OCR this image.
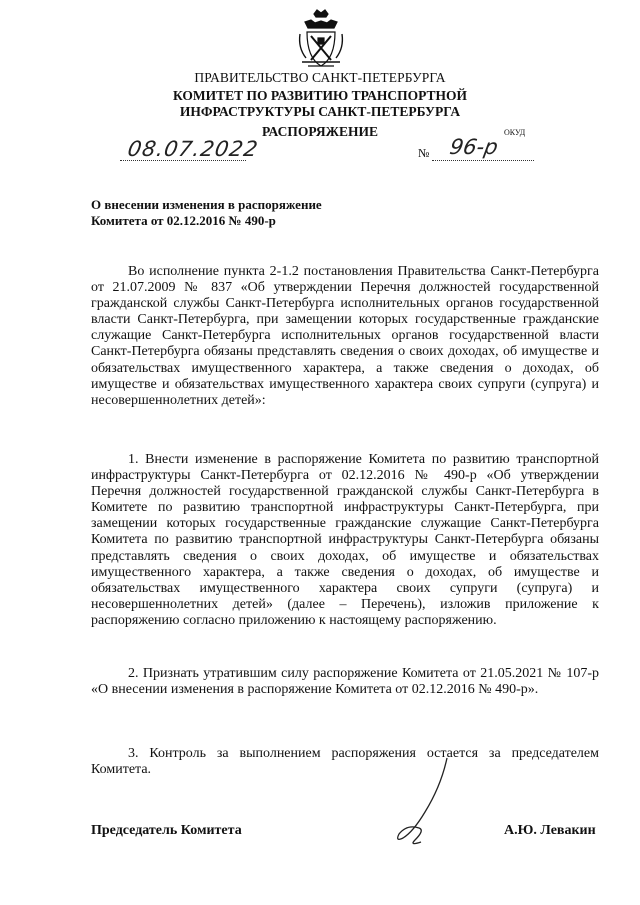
ПРАВИТЕЛЬСТВО САНКТ-ПЕТЕРБУРГА
КОМИТЕТ ПО РАЗВИТИЮ ТРАНСПОРТНОЙ
ИНФРАСТРУКТУРЫ САНКТ-ПЕТЕРБУРГА
РАСПОРЯЖЕНИЕ	ОКУД
08.07.2022	№ 96-р
О внесении изменения в распоряжение
Комитета от 02.12.2016 № 490-р
Во исполнение пункта 2-1.2 постановления Правительства Санкт-Петербурга от 21.07.2009 № 837 «Об утверждении Перечня должностей государственной гражданской службы Санкт-Петербурга исполнительных органов государственной власти Санкт-Петербурга, при замещении которых государственные гражданские служащие Санкт-Петербурга исполнительных органов государственной власти Санкт-Петербурга обязаны представлять сведения о своих доходах, об имуществе и обязательствах имущественного характера, а также сведения о доходах, об имуществе и обязательствах имущественного характера своих супруги (супруга) и несовершеннолетних детей»:
1. Внести изменение в распоряжение Комитета по развитию транспортной инфраструктуры Санкт-Петербурга от 02.12.2016 № 490-р «Об утверждении Перечня должностей государственной гражданской службы Санкт-Петербурга в Комитете по развитию транспортной инфраструктуры Санкт-Петербурга, при замещении которых государственные гражданские служащие Санкт-Петербурга Комитета по развитию транспортной инфраструктуры Санкт-Петербурга обязаны представлять сведения о своих доходах, об имуществе и обязательствах имущественного характера, а также сведения о доходах, об имуществе и обязательствах имущественного характера своих супруги (супруга) и несовершеннолетних детей» (далее – Перечень), изложив приложение к распоряжению согласно приложению к настоящему распоряжению.
2. Признать утратившим силу распоряжение Комитета от 21.05.2021 № 107-р «О внесении изменения в распоряжение Комитета от 02.12.2016 № 490-р».
3. Контроль за выполнением распоряжения остается за председателем Комитета.
Председатель Комитета	А.Ю. Левакин
